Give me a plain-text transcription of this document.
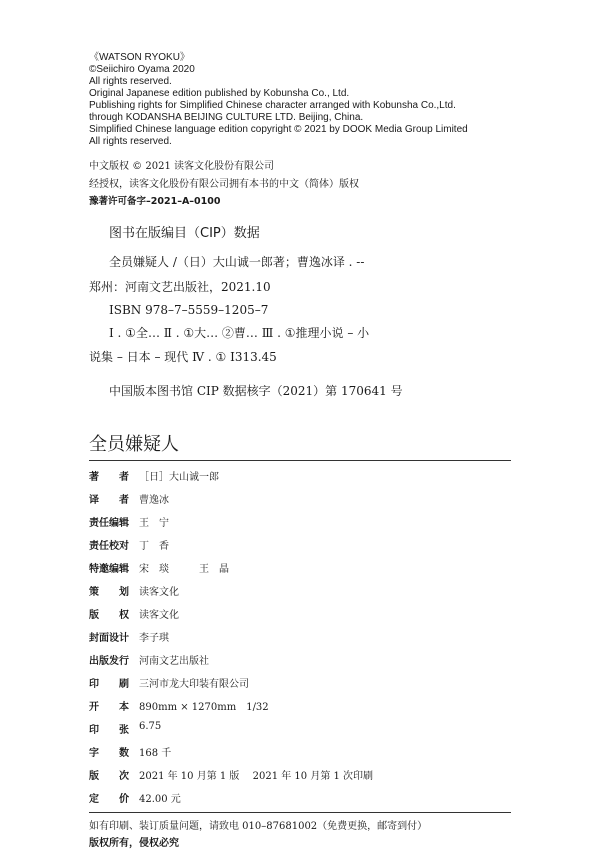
《WATSON RYOKU》
©Seiichiro Oyama 2020
All rights reserved.
Original Japanese edition published by Kobunsha Co., Ltd.
Publishing rights for Simplified Chinese character arranged with Kobunsha Co.,Ltd.
through KODANSHA BEIJING CULTURE LTD. Beijing, China.
Simplified Chinese language edition copyright © 2021 by DOOK Media Group Limited
All rights reserved.
中文版权 © 2021 读客文化股份有限公司
经授权，读客文化股份有限公司拥有本书的中文（简体）版权
豫著许可备字–2021–A–0100
图书在版编目（CIP）数据
全员嫌疑人 /（日）大山诚一郎著；曹逸冰译 . --
郑州：河南文艺出版社，2021.10
ISBN 978–7–5559–1205–7
Ⅰ . ①全… Ⅱ . ①大… ②曹… Ⅲ . ①推理小说 – 小
说集 – 日本 – 现代 Ⅳ . ① I313.45
中国版本图书馆 CIP 数据核字（2021）第 170641 号
全员嫌疑人
著　　者	［日］大山诚一郎
译　　者	曹逸冰
责任编辑	王　宁
责任校对	丁　香
特邀编辑	宋　琰　　　王　晶
策　　划	读客文化
版　　权	读客文化
封面设计	李子琪
出版发行	河南文艺出版社
印　　刷	三河市龙大印装有限公司
开　　本	890mm × 1270mm　1/32
印　　张	6.75
字　　数	168 千
版　　次	2021 年 10 月第 1 版　 2021 年 10 月第 1 次印刷
定　　价	42.00 元
如有印刷、装订质量问题，请致电 010–87681002（免费更换，邮寄到付）
版权所有，侵权必究
